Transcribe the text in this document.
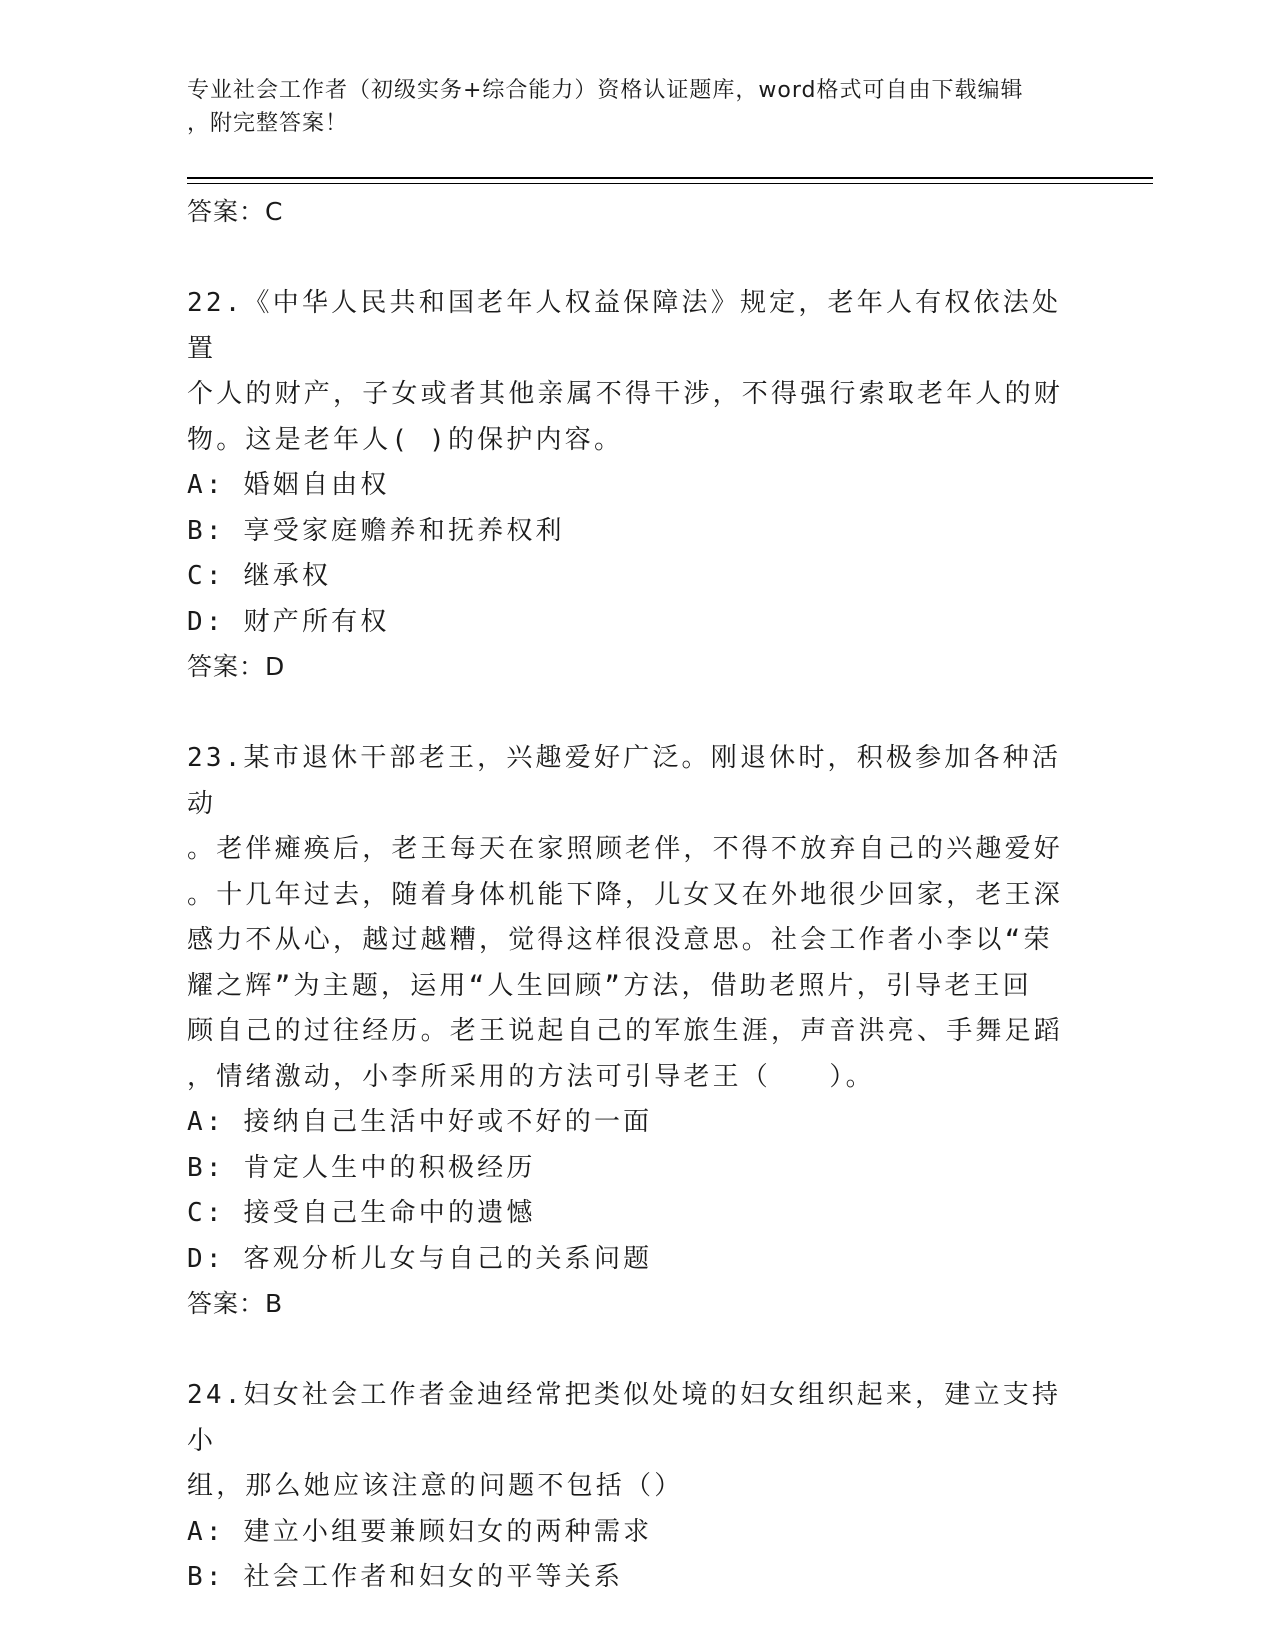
专业社会工作者（初级实务+综合能力）资格认证题库，word格式可自由下载编辑
，附完整答案！

答案：C

22.《中华人民共和国老年人权益保障法》规定，老年人有权依法处置
个人的财产，子女或者其他亲属不得干涉，不得强行索取老年人的财
物。这是老年人( )的保护内容。

A: 婚姻自由权
B: 享受家庭赡养和抚养权利
C: 继承权
D: 财产所有权

答案：D

23.某市退休干部老王，兴趣爱好广泛。刚退休时，积极参加各种活动
。老伴瘫痪后，老王每天在家照顾老伴，不得不放弃自己的兴趣爱好
。十几年过去，随着身体机能下降，儿女又在外地很少回家，老王深
感力不从心，越过越糟，觉得这样很没意思。社会工作者小李以“荣
耀之辉”为主题，运用“人生回顾”方法，借助老照片，引导老王回
顾自己的过往经历。老王说起自己的军旅生涯，声音洪亮、手舞足蹈
，情绪激动，小李所采用的方法可引导老王（　　）。

A: 接纳自己生活中好或不好的一面
B: 肯定人生中的积极经历
C: 接受自己生命中的遗憾
D: 客观分析儿女与自己的关系问题

答案：B

24.妇女社会工作者金迪经常把类似处境的妇女组织起来，建立支持小
组，那么她应该注意的问题不包括（）

A: 建立小组要兼顾妇女的两种需求
B: 社会工作者和妇女的平等关系
